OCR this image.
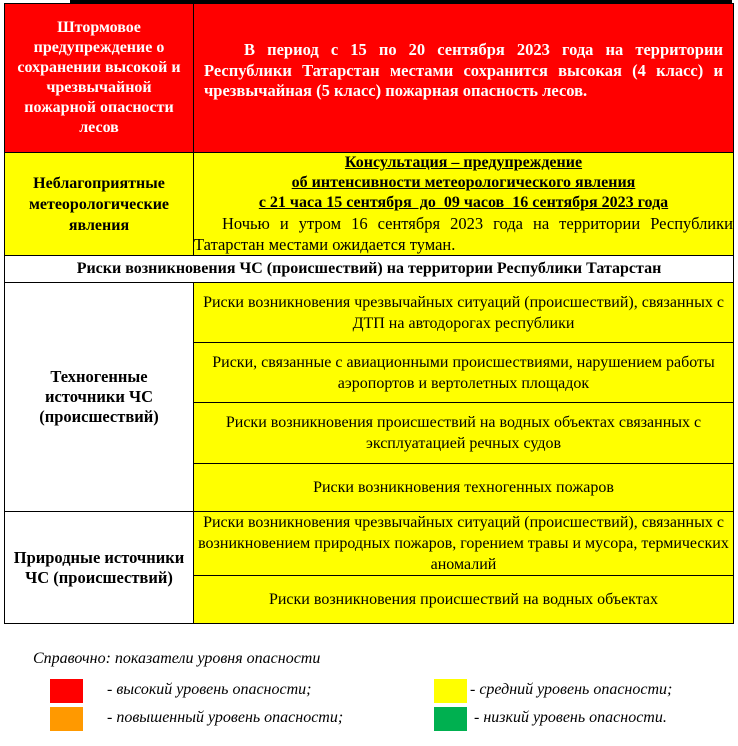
Штормовое предупреждение о сохранении высокой и чрезвычайной пожарной опасности лесов	В период с 15 по 20 сентября 2023 года на территории Республики Татарстан местами сохранится высокая (4 класс) и чрезвычайная (5 класс) пожарная опасность лесов.

Неблагоприятные метеорологические явления	Консультация – предупреждение
об интенсивности метеорологического явления
с 21 часа 15 сентября  до  09 часов  16 сентября 2023 года
Ночью и утром 16 сентября 2023 года на территории Республики Татарстан местами ожидается туман.

Риски возникновения ЧС (происшествий) на территории Республики Татарстан	

Техногенные источники ЧС (происшествий)	Риски возникновения чрезвычайных ситуаций (происшествий), связанных с ДТП на автодорогах республики
	Риски, связанные с авиационными происшествиями, нарушением работы аэропортов и вертолетных площадок
	Риски возникновения происшествий на водных объектах связанных с эксплуатацией речных судов
	Риски возникновения техногенных пожаров

Природные источники ЧС (происшествий)	Риски возникновения чрезвычайных ситуаций (происшествий), связанных с возникновением природных пожаров, горением травы и мусора, термических аномалий
	Риски возникновения происшествий на водных объектах
Справочно: показатели уровня опасности
- высокий уровень опасности;
- повышенный уровень опасности;
- средний уровень опасности;
- низкий уровень опасности.
